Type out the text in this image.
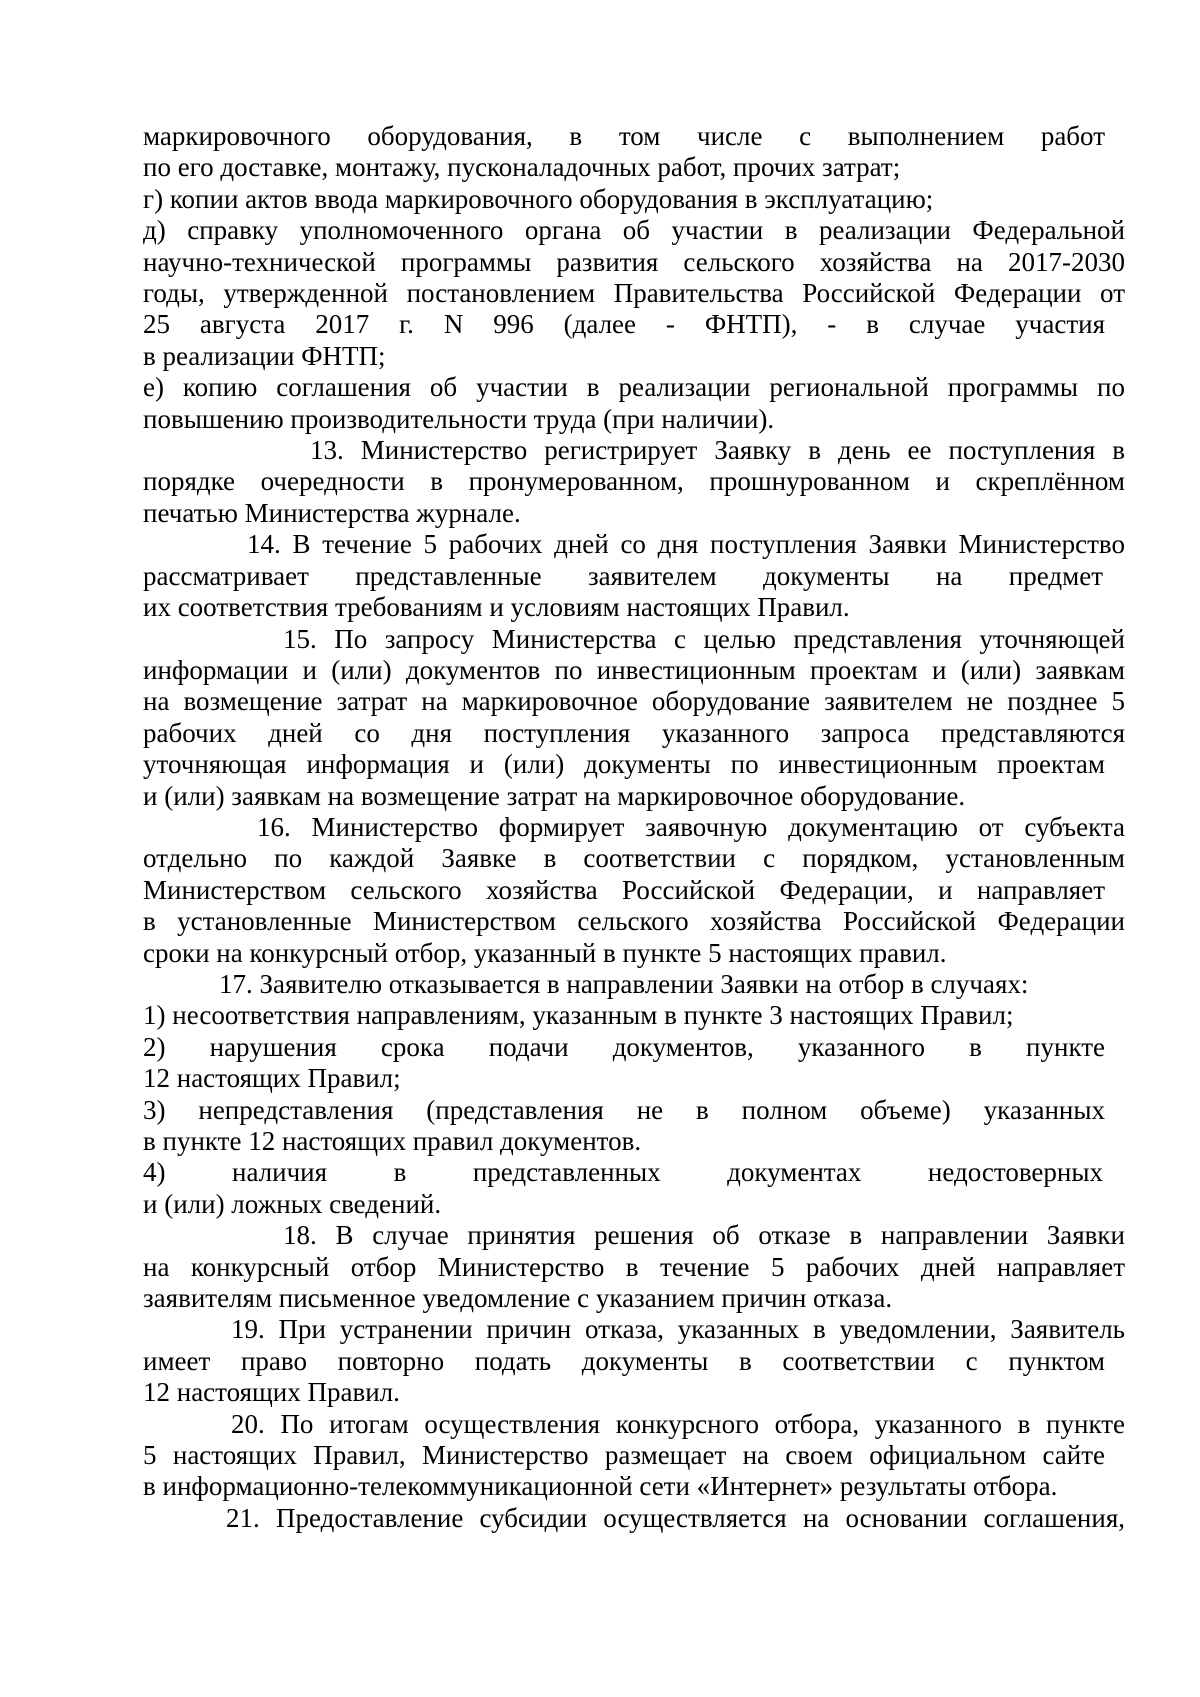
маркировочного оборудования, в том числе с выполнением работ
по его доставке, монтажу, пусконаладочных работ, прочих затрат;
г) копии актов ввода маркировочного оборудования в эксплуатацию;
д) справку уполномоченного органа об участии в реализации Федеральной
научно-технической программы развития сельского хозяйства на 2017-2030
годы, утвержденной постановлением Правительства Российской Федерации от
25 августа 2017 г. N 996 (далее - ФНТП), - в случае участия
в реализации ФНТП;
е) копию соглашения об участии в реализации региональной программы по
повышению производительности труда (при наличии).
13. Министерство регистрирует Заявку в день ее поступления в
порядке очередности в пронумерованном, прошнурованном и скреплённом
печатью Министерства журнале.
14. В течение 5 рабочих дней со дня поступления Заявки Министерство
рассматривает представленные заявителем документы на предмет
их соответствия требованиям и условиям настоящих Правил.
15. По запросу Министерства с целью представления уточняющей
информации и (или) документов по инвестиционным проектам и (или) заявкам
на возмещение затрат на маркировочное оборудование заявителем не позднее 5
рабочих дней со дня поступления указанного запроса представляются
уточняющая информация и (или) документы по инвестиционным проектам
и (или) заявкам на возмещение затрат на маркировочное оборудование.
16. Министерство формирует заявочную документацию от субъекта
отдельно по каждой Заявке в соответствии с порядком, установленным
Министерством сельского хозяйства Российской Федерации, и направляет
в установленные Министерством сельского хозяйства Российской Федерации
сроки на конкурсный отбор, указанный в пункте 5 настоящих правил.
17. Заявителю отказывается в направлении Заявки на отбор в случаях:
1) несоответствия направлениям, указанным в пункте 3 настоящих Правил;
2) нарушения срока подачи документов, указанного в пункте
12 настоящих Правил;
3) непредставления (представления не в полном объеме) указанных
в пункте 12 настоящих правил документов.
4) наличия в представленных документах недостоверных
и (или) ложных сведений.
18. В случае принятия решения об отказе в направлении Заявки
на конкурсный отбор Министерство в течение 5 рабочих дней направляет
заявителям письменное уведомление с указанием причин отказа.
19. При устранении причин отказа, указанных в уведомлении, Заявитель
имеет право повторно подать документы в соответствии с пунктом
12 настоящих Правил.
20. По итогам осуществления конкурсного отбора, указанного в пункте
5 настоящих Правил, Министерство размещает на своем официальном сайте
в информационно-телекоммуникационной сети «Интернет» результаты отбора.
21. Предоставление субсидии осуществляется на основании соглашения,
